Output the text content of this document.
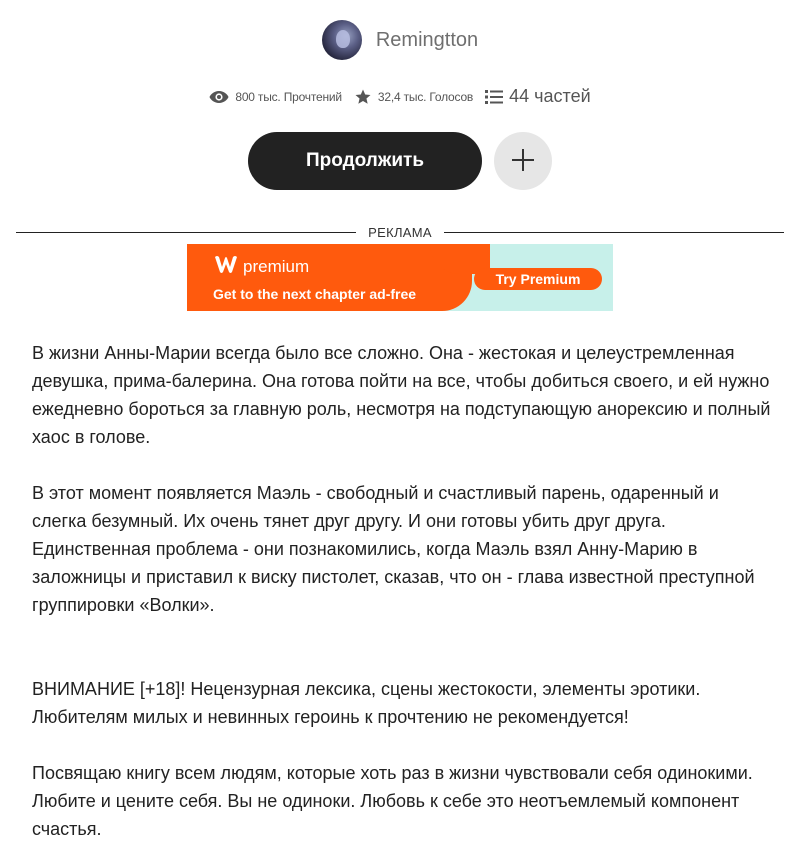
Remingtton
800 тыс. Прочтений	32,4 тыс. Голосов 44 частей
Продолжить
РЕКЛАМА
premium
Get to the next chapter ad-free
Try Premium

В жизни Анны-Марии всегда было все сложно. Она - жестокая и целеустремленная девушка, прима-балерина. Она готова пойти на все, чтобы добиться своего, и ей нужно ежедневно бороться за главную роль, несмотря на подступающую анорексию и полный хаос в голове.

В этот момент появляется Маэль - свободный и счастливый парень, одаренный и слегка безумный. Их очень тянет друг другу. И они готовы убить друг друга. Единственная проблема - они познакомились, когда Маэль взял Анну-Марию в заложницы и приставил к виску пистолет, сказав, что он - глава известной преступной группировки «Волки».

ВНИМАНИЕ [+18]! Нецензурная лексика, сцены жестокости, элементы эротики. Любителям милых и невинных героинь к прочтению не рекомендуется!

Посвящаю книгу всем людям, которые хоть раз в жизни чувствовали себя одинокими. Любите и цените себя. Вы не одиноки. Любовь к себе это неотъемлемый компонент счастья.
